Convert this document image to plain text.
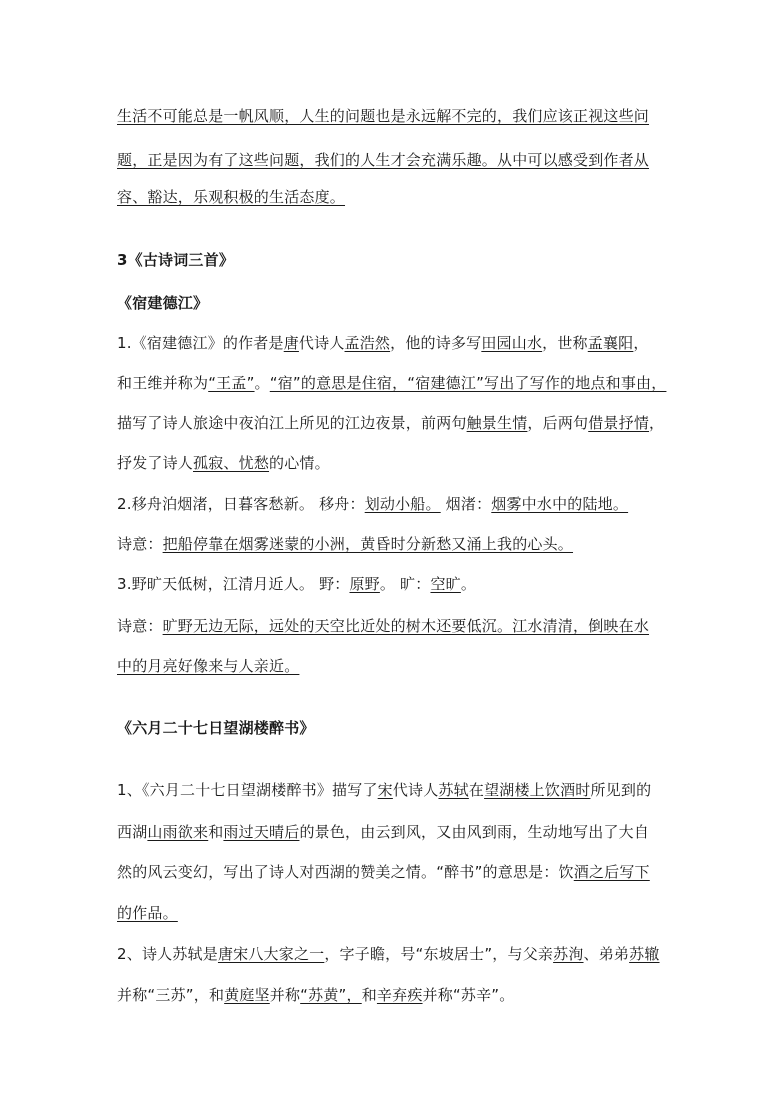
生活不可能总是一帆风顺，人生的问题也是永远解不完的，我们应该正视这些问
题，正是因为有了这些问题，我们的人生才会充满乐趣。从中可以感受到作者从
容、豁达，乐观积极的生活态度。
3《古诗词三首》
《宿建德江》
1.《宿建德江》的作者是唐代诗人孟浩然，他的诗多写田园山水，世称孟襄阳，
和王维并称为“王孟”。“宿”的意思是住宿，“宿建德江”写出了写作的地点和事由，
描写了诗人旅途中夜泊江上所见的江边夜景，前两句触景生情，后两句借景抒情，
抒发了诗人孤寂、忧愁的心情。
2.移舟泊烟渚，日暮客愁新。 移舟：划动小船。 烟渚：烟雾中水中的陆地。
诗意：把船停靠在烟雾迷蒙的小洲，黄昏时分新愁又涌上我的心头。
3.野旷天低树，江清月近人。 野：原野。 旷：空旷。
诗意：旷野无边无际，远处的天空比近处的树木还要低沉。江水清清，倒映在水
中的月亮好像来与人亲近。
《六月二十七日望湖楼醉书》
1、《六月二十七日望湖楼醉书》描写了宋代诗人苏轼在望湖楼上饮酒时所见到的
西湖山雨欲来和雨过天晴后的景色，由云到风，又由风到雨，生动地写出了大自
然的风云变幻，写出了诗人对西湖的赞美之情。“醉书”的意思是：饮酒之后写下
的作品。
2、诗人苏轼是唐宋八大家之一，字子瞻，号“东坡居士”，与父亲苏洵、弟弟苏辙
并称“三苏”，和黄庭坚并称“苏黄”，和辛弃疾并称“苏辛”。
